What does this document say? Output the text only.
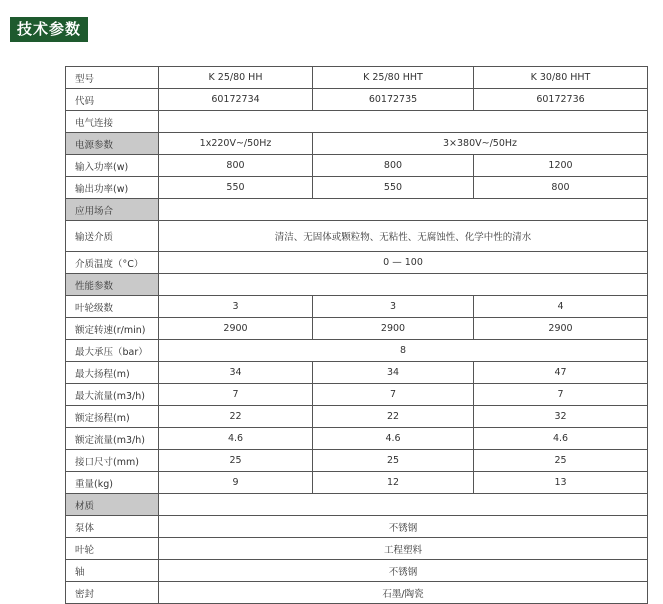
技术参数
型号	K 25/80 HH	K 25/80 HHT	K 30/80 HHT
代码	60172734	60172735	60172736
电气连接			
电源参数	1x220V~/50Hz	3×380V~/50Hz	
输入功率(w)	800	800	1200
输出功率(w)	550	550	800
应用场合			
输送介质	清洁、无固体或颗粒物、无粘性、无腐蚀性、化学中性的清水		
介质温度（°C）	0 — 100		
性能参数			
叶轮级数	3	3	4
额定转速(r/min)	2900	2900	2900
最大承压（bar）	8		
最大扬程(m)	34	34	47
最大流量(m3/h)	7	7	7
额定扬程(m)	22	22	32
额定流量(m3/h)	4.6	4.6	4.6
接口尺寸(mm)	25	25	25
重量(kg)	9	12	13
材质			
泵体	不锈钢		
叶轮	工程塑料		
轴	不锈钢		
密封	石墨/陶瓷		
